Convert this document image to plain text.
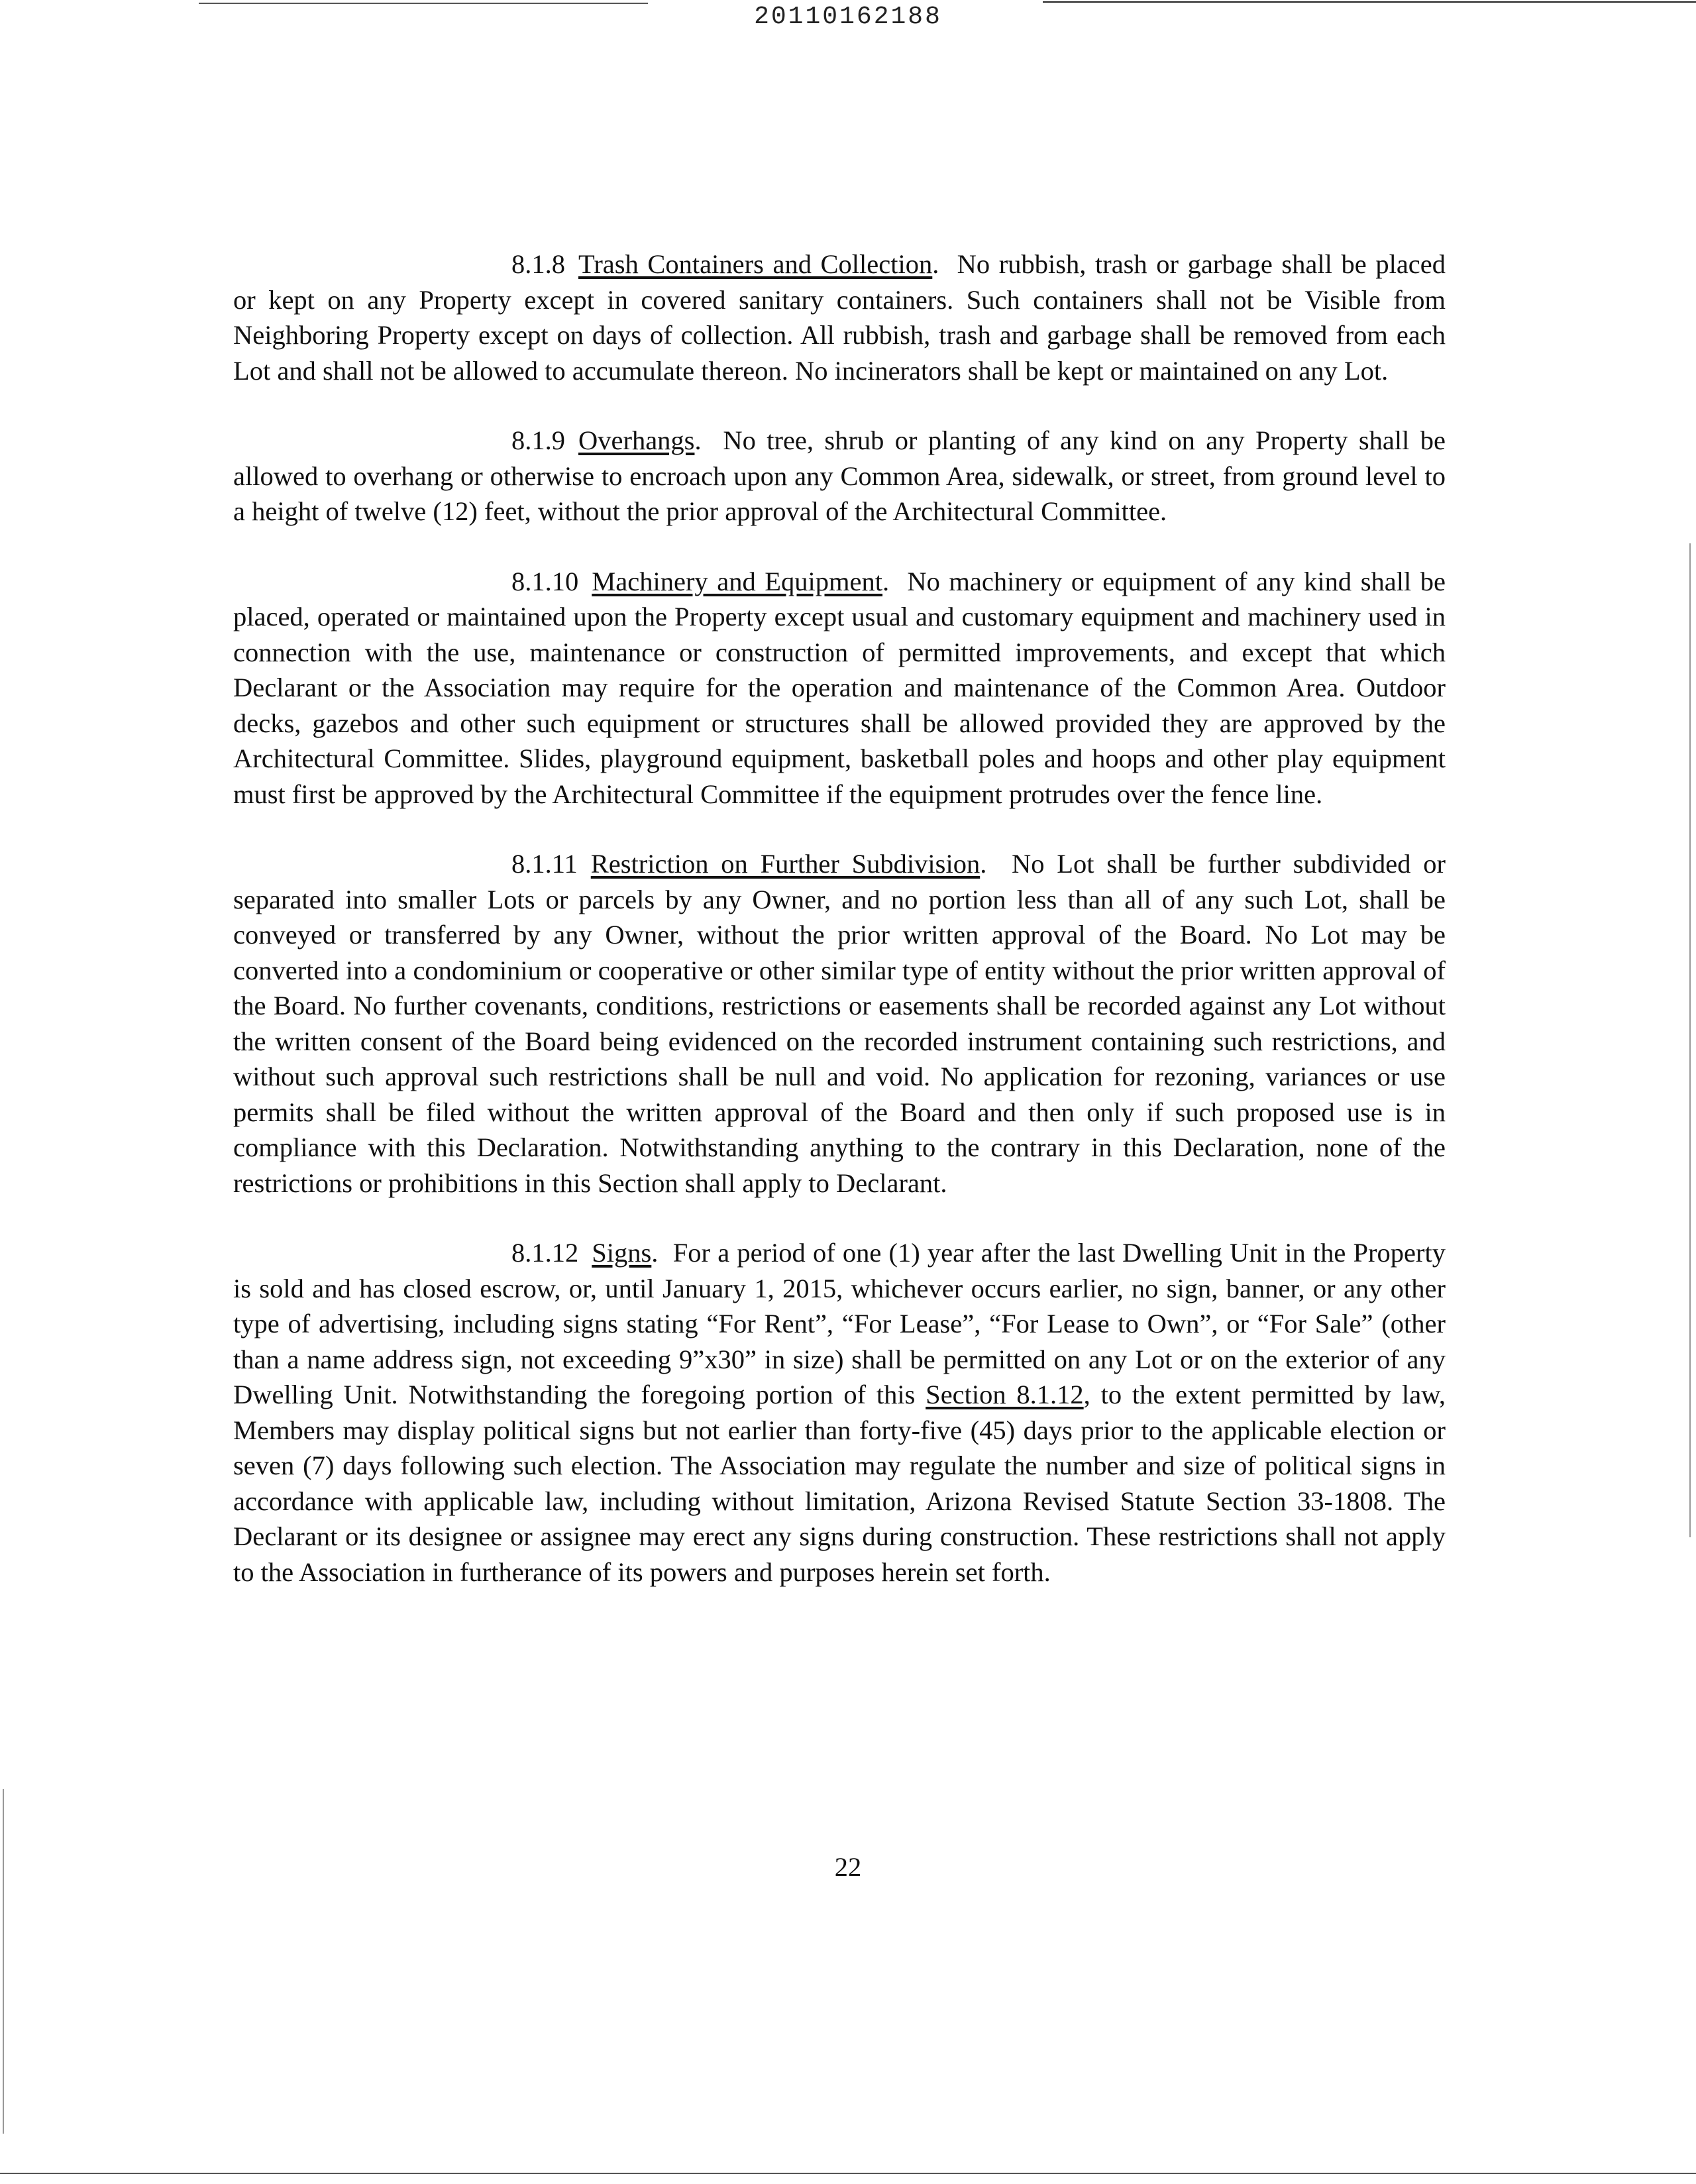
20110162188

8.1.8 Trash Containers and Collection.  No rubbish, trash or garbage shall be placed or kept on any Property except in covered sanitary containers. Such containers shall not be Visible from Neighboring Property except on days of collection. All rubbish, trash and garbage shall be removed from each Lot and shall not be allowed to accumulate thereon. No incinerators shall be kept or maintained on any Lot.

8.1.9 Overhangs.  No tree, shrub or planting of any kind on any Property shall be allowed to overhang or otherwise to encroach upon any Common Area, sidewalk, or street, from ground level to a height of twelve (12) feet, without the prior approval of the Architectural Committee.

8.1.10 Machinery and Equipment.  No machinery or equipment of any kind shall be placed, operated or maintained upon the Property except usual and customary equipment and machinery used in connection with the use, maintenance or construction of permitted improvements, and except that which Declarant or the Association may require for the operation and maintenance of the Common Area. Outdoor decks, gazebos and other such equipment or structures shall be allowed provided they are approved by the Architectural Committee. Slides, playground equipment, basketball poles and hoops and other play equipment must first be approved by the Architectural Committee if the equipment protrudes over the fence line.

8.1.11 Restriction on Further Subdivision.  No Lot shall be further subdivided or separated into smaller Lots or parcels by any Owner, and no portion less than all of any such Lot, shall be conveyed or transferred by any Owner, without the prior written approval of the Board. No Lot may be converted into a condominium or cooperative or other similar type of entity without the prior written approval of the Board. No further covenants, conditions, restrictions or easements shall be recorded against any Lot without the written consent of the Board being evidenced on the recorded instrument containing such restrictions, and without such approval such restrictions shall be null and void. No application for rezoning, variances or use permits shall be filed without the written approval of the Board and then only if such proposed use is in compliance with this Declaration. Notwithstanding anything to the contrary in this Declaration, none of the restrictions or prohibitions in this Section shall apply to Declarant.

8.1.12 Signs.  For a period of one (1) year after the last Dwelling Unit in the Property is sold and has closed escrow, or, until January 1, 2015, whichever occurs earlier, no sign, banner, or any other type of advertising, including signs stating “For Rent”, “For Lease”, “For Lease to Own”, or “For Sale” (other than a name address sign, not exceeding 9”x30” in size) shall be permitted on any Lot or on the exterior of any Dwelling Unit. Notwithstanding the foregoing portion of this Section 8.1.12, to the extent permitted by law, Members may display political signs but not earlier than forty-five (45) days prior to the applicable election or seven (7) days following such election. The Association may regulate the number and size of political signs in accordance with applicable law, including without limitation, Arizona Revised Statute Section 33-1808. The Declarant or its designee or assignee may erect any signs during construction. These restrictions shall not apply to the Association in furtherance of its powers and purposes herein set forth.

22
